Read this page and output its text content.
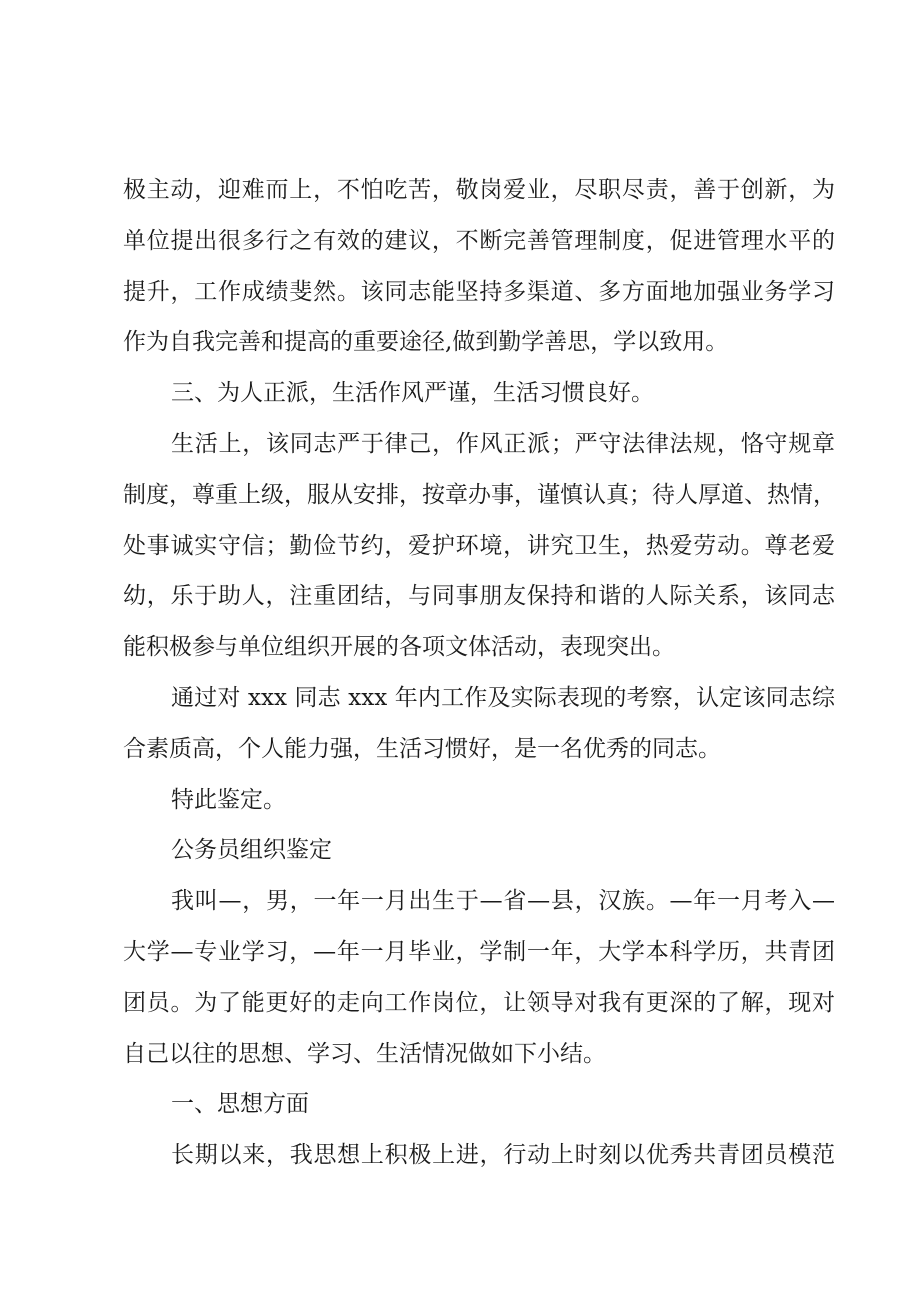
极主动，迎难而上，不怕吃苦，敬岗爱业，尽职尽责，善于创新，为
单位提出很多行之有效的建议，不断完善管理制度，促进管理水平的
提升，工作成绩斐然。该同志能坚持多渠道、多方面地加强业务学习
作为自我完善和提高的重要途径,做到勤学善思，学以致用。
三、为人正派，生活作风严谨，生活习惯良好。
生活上，该同志严于律己，作风正派；严守法律法规，恪守规章
制度，尊重上级，服从安排，按章办事，谨慎认真；待人厚道、热情，
处事诚实守信；勤俭节约，爱护环境，讲究卫生，热爱劳动。尊老爱
幼，乐于助人，注重团结，与同事朋友保持和谐的人际关系，该同志
能积极参与单位组织开展的各项文体活动，表现突出。
通过对 xxx 同志 xxx 年内工作及实际表现的考察，认定该同志综
合素质高，个人能力强，生活习惯好，是一名优秀的同志。
特此鉴定。
公务员组织鉴定
我叫—，男，一年一月出生于—省—县，汉族。—年一月考入—
大学—专业学习，—年一月毕业，学制一年，大学本科学历，共青团
团员。为了能更好的走向工作岗位，让领导对我有更深的了解，现对
自己以往的思想、学习、生活情况做如下小结。
一、思想方面
长期以来，我思想上积极上进，行动上时刻以优秀共青团员模范
